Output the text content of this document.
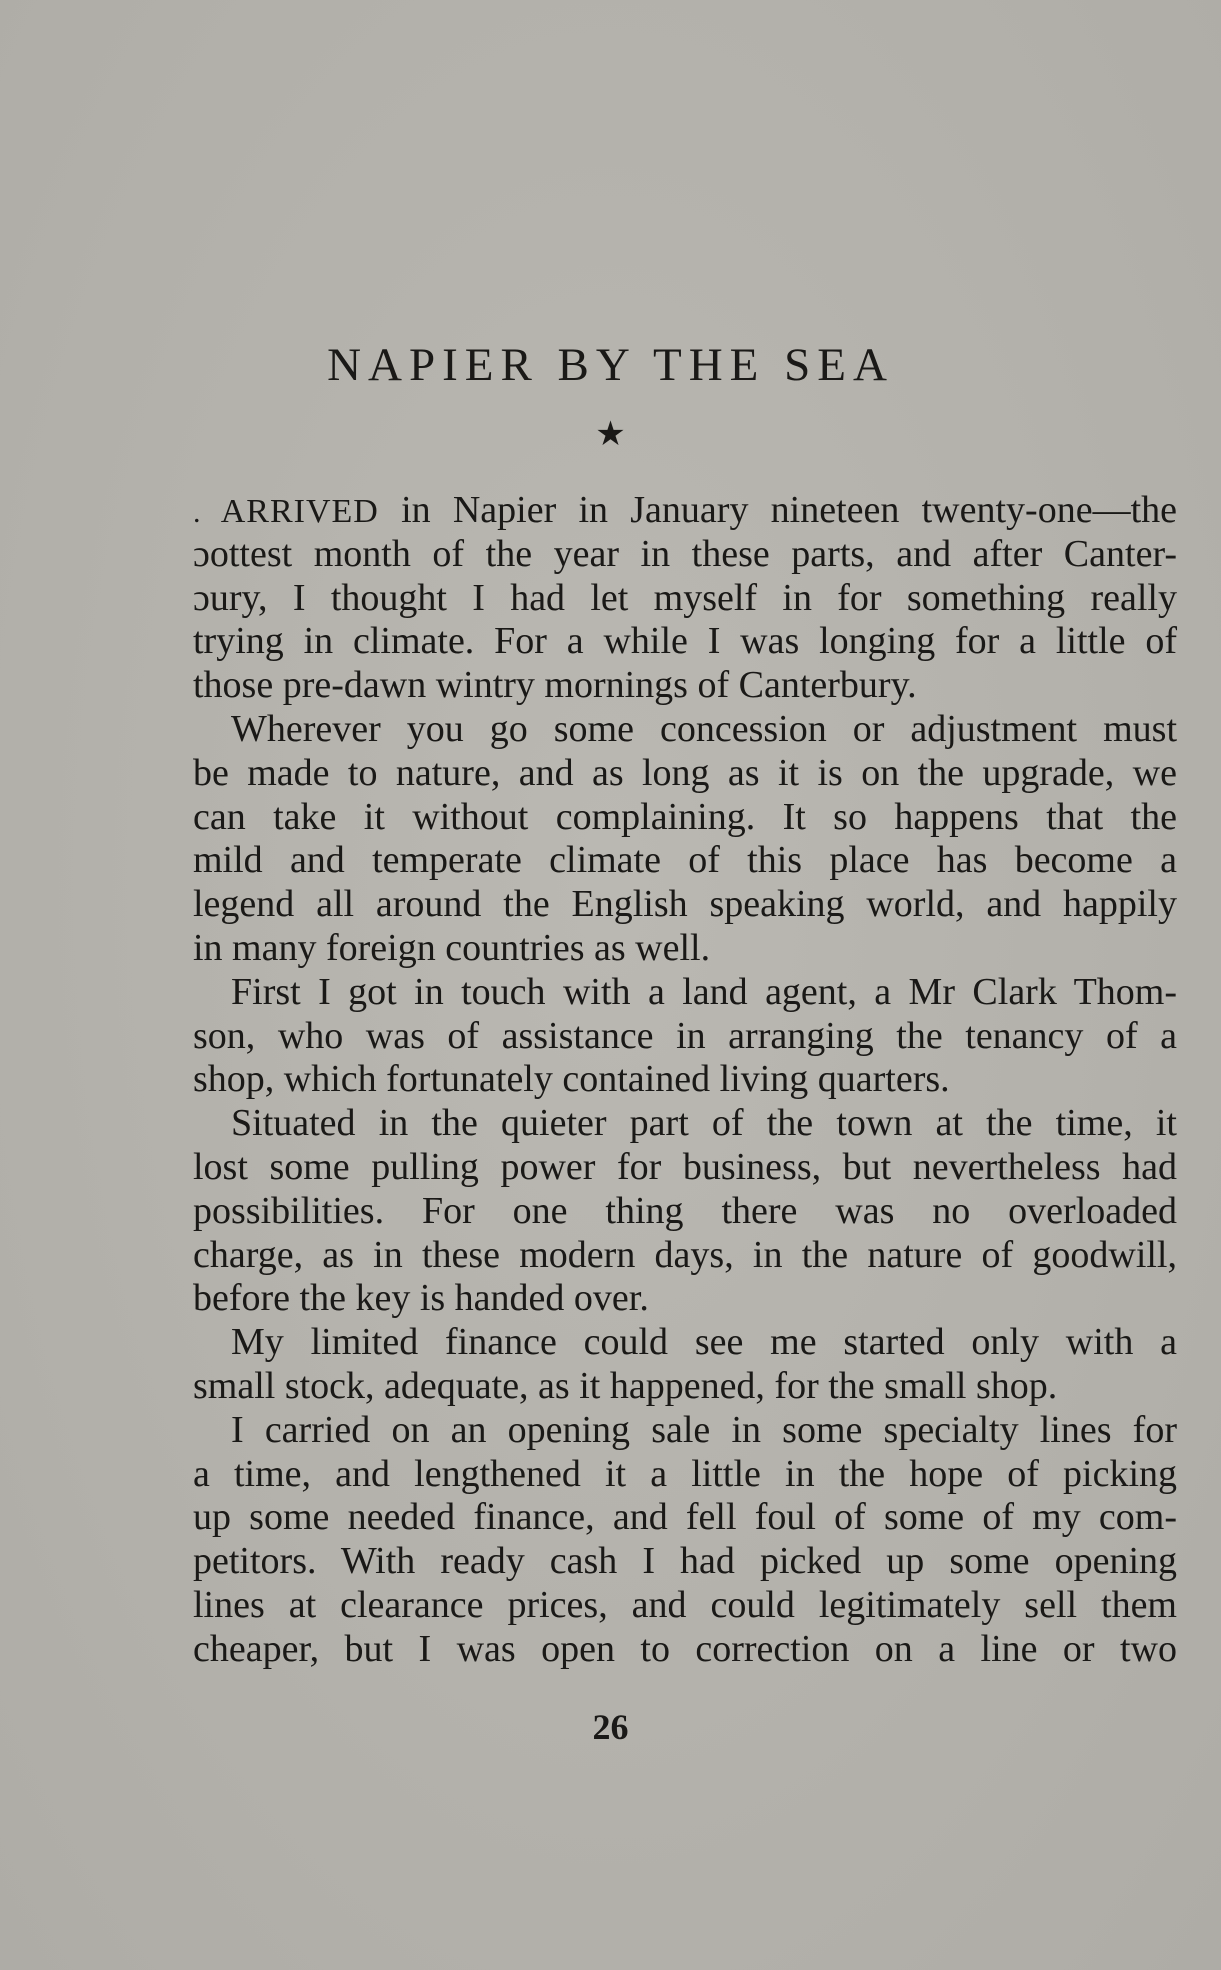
NAPIER BY THE SEA
★
. ARRIVED in Napier in January nineteen twenty-one—the
ɔottest month of the year in these parts, and after Canter-
ɔury, I thought I had let myself in for something really
trying in climate. For a while I was longing for a little of
those pre-dawn wintry mornings of Canterbury.
Wherever you go some concession or adjustment must
be made to nature, and as long as it is on the upgrade, we
can take it without complaining. It so happens that the
mild and temperate climate of this place has become a
legend all around the English speaking world, and happily
in many foreign countries as well.
First I got in touch with a land agent, a Mr Clark Thom-
son, who was of assistance in arranging the tenancy of a
shop, which fortunately contained living quarters.
Situated in the quieter part of the town at the time, it
lost some pulling power for business, but nevertheless had
possibilities. For one thing there was no overloaded
charge, as in these modern days, in the nature of goodwill,
before the key is handed over.
My limited finance could see me started only with a
small stock, adequate, as it happened, for the small shop.
I carried on an opening sale in some specialty lines for
a time, and lengthened it a little in the hope of picking
up some needed finance, and fell foul of some of my com-
petitors. With ready cash I had picked up some opening
lines at clearance prices, and could legitimately sell them
cheaper, but I was open to correction on a line or two
26
